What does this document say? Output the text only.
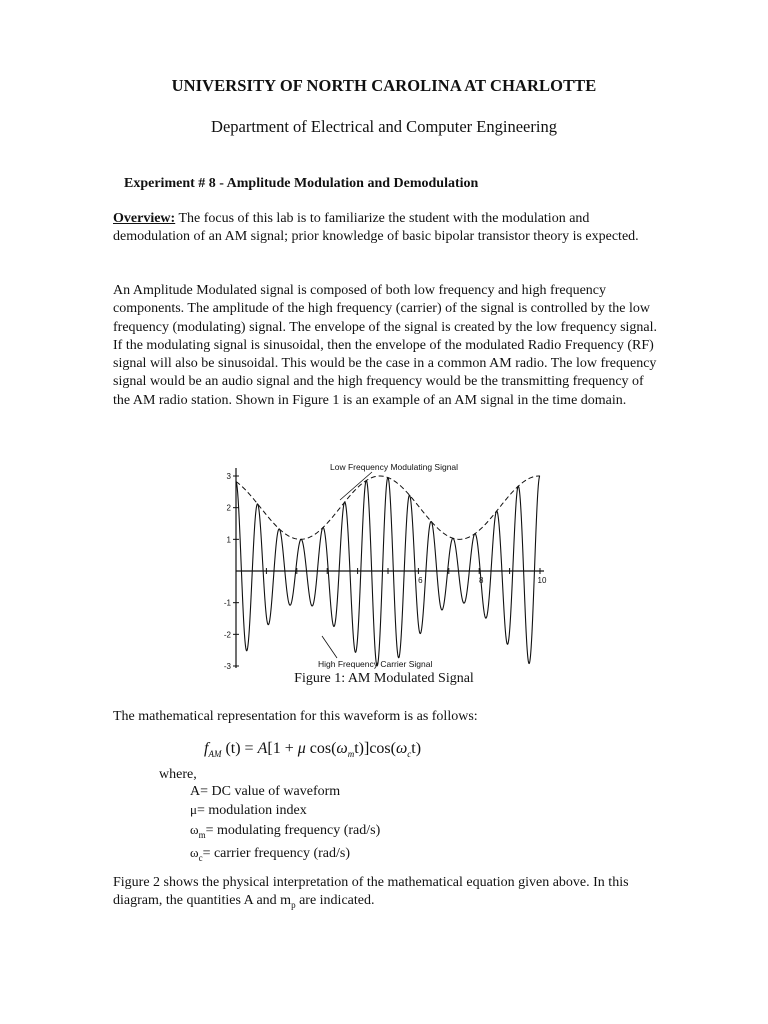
UNIVERSITY OF NORTH CAROLINA AT CHARLOTTE
Department of Electrical and Computer Engineering
Experiment # 8 - Amplitude Modulation and Demodulation
Overview: The focus of this lab is to familiarize the student with the modulation and demodulation of an AM signal; prior knowledge of basic bipolar transistor theory is expected.
An Amplitude Modulated signal is composed of both low frequency and high frequency components. The amplitude of the high frequency (carrier) of the signal is controlled by the low frequency (modulating) signal. The envelope of the signal is created by the low frequency signal. If the modulating signal is sinusoidal, then the envelope of the modulated Radio Frequency (RF) signal will also be sinusoidal. This would be the case in a common AM radio. The low frequency signal would be an audio signal and the high frequency would be the transmitting frequency of the AM radio station. Shown in Figure 1 is an example of an AM signal in the time domain.
3
2
1
-1
-2
-3
6	8	10
Low Frequency Modulating Signal
High Frequency Carrier Signal
Figure 1: AM Modulated Signal
The mathematical representation for this waveform is as follows:
$f_{AM}$ (t) = A[1 + μ $\cos(\omega_mt)]\cos(\omega_ct)$
where,
A= DC value of waveform
μ= modulation index
$\omega_m=$ modulating frequency (rad/s)
$\omega_c=$ carrier frequency (rad/s)
Figure 2 shows the physical interpretation of the mathematical equation given above. In this diagram, the quantities A and $m_p$ are indicated.
